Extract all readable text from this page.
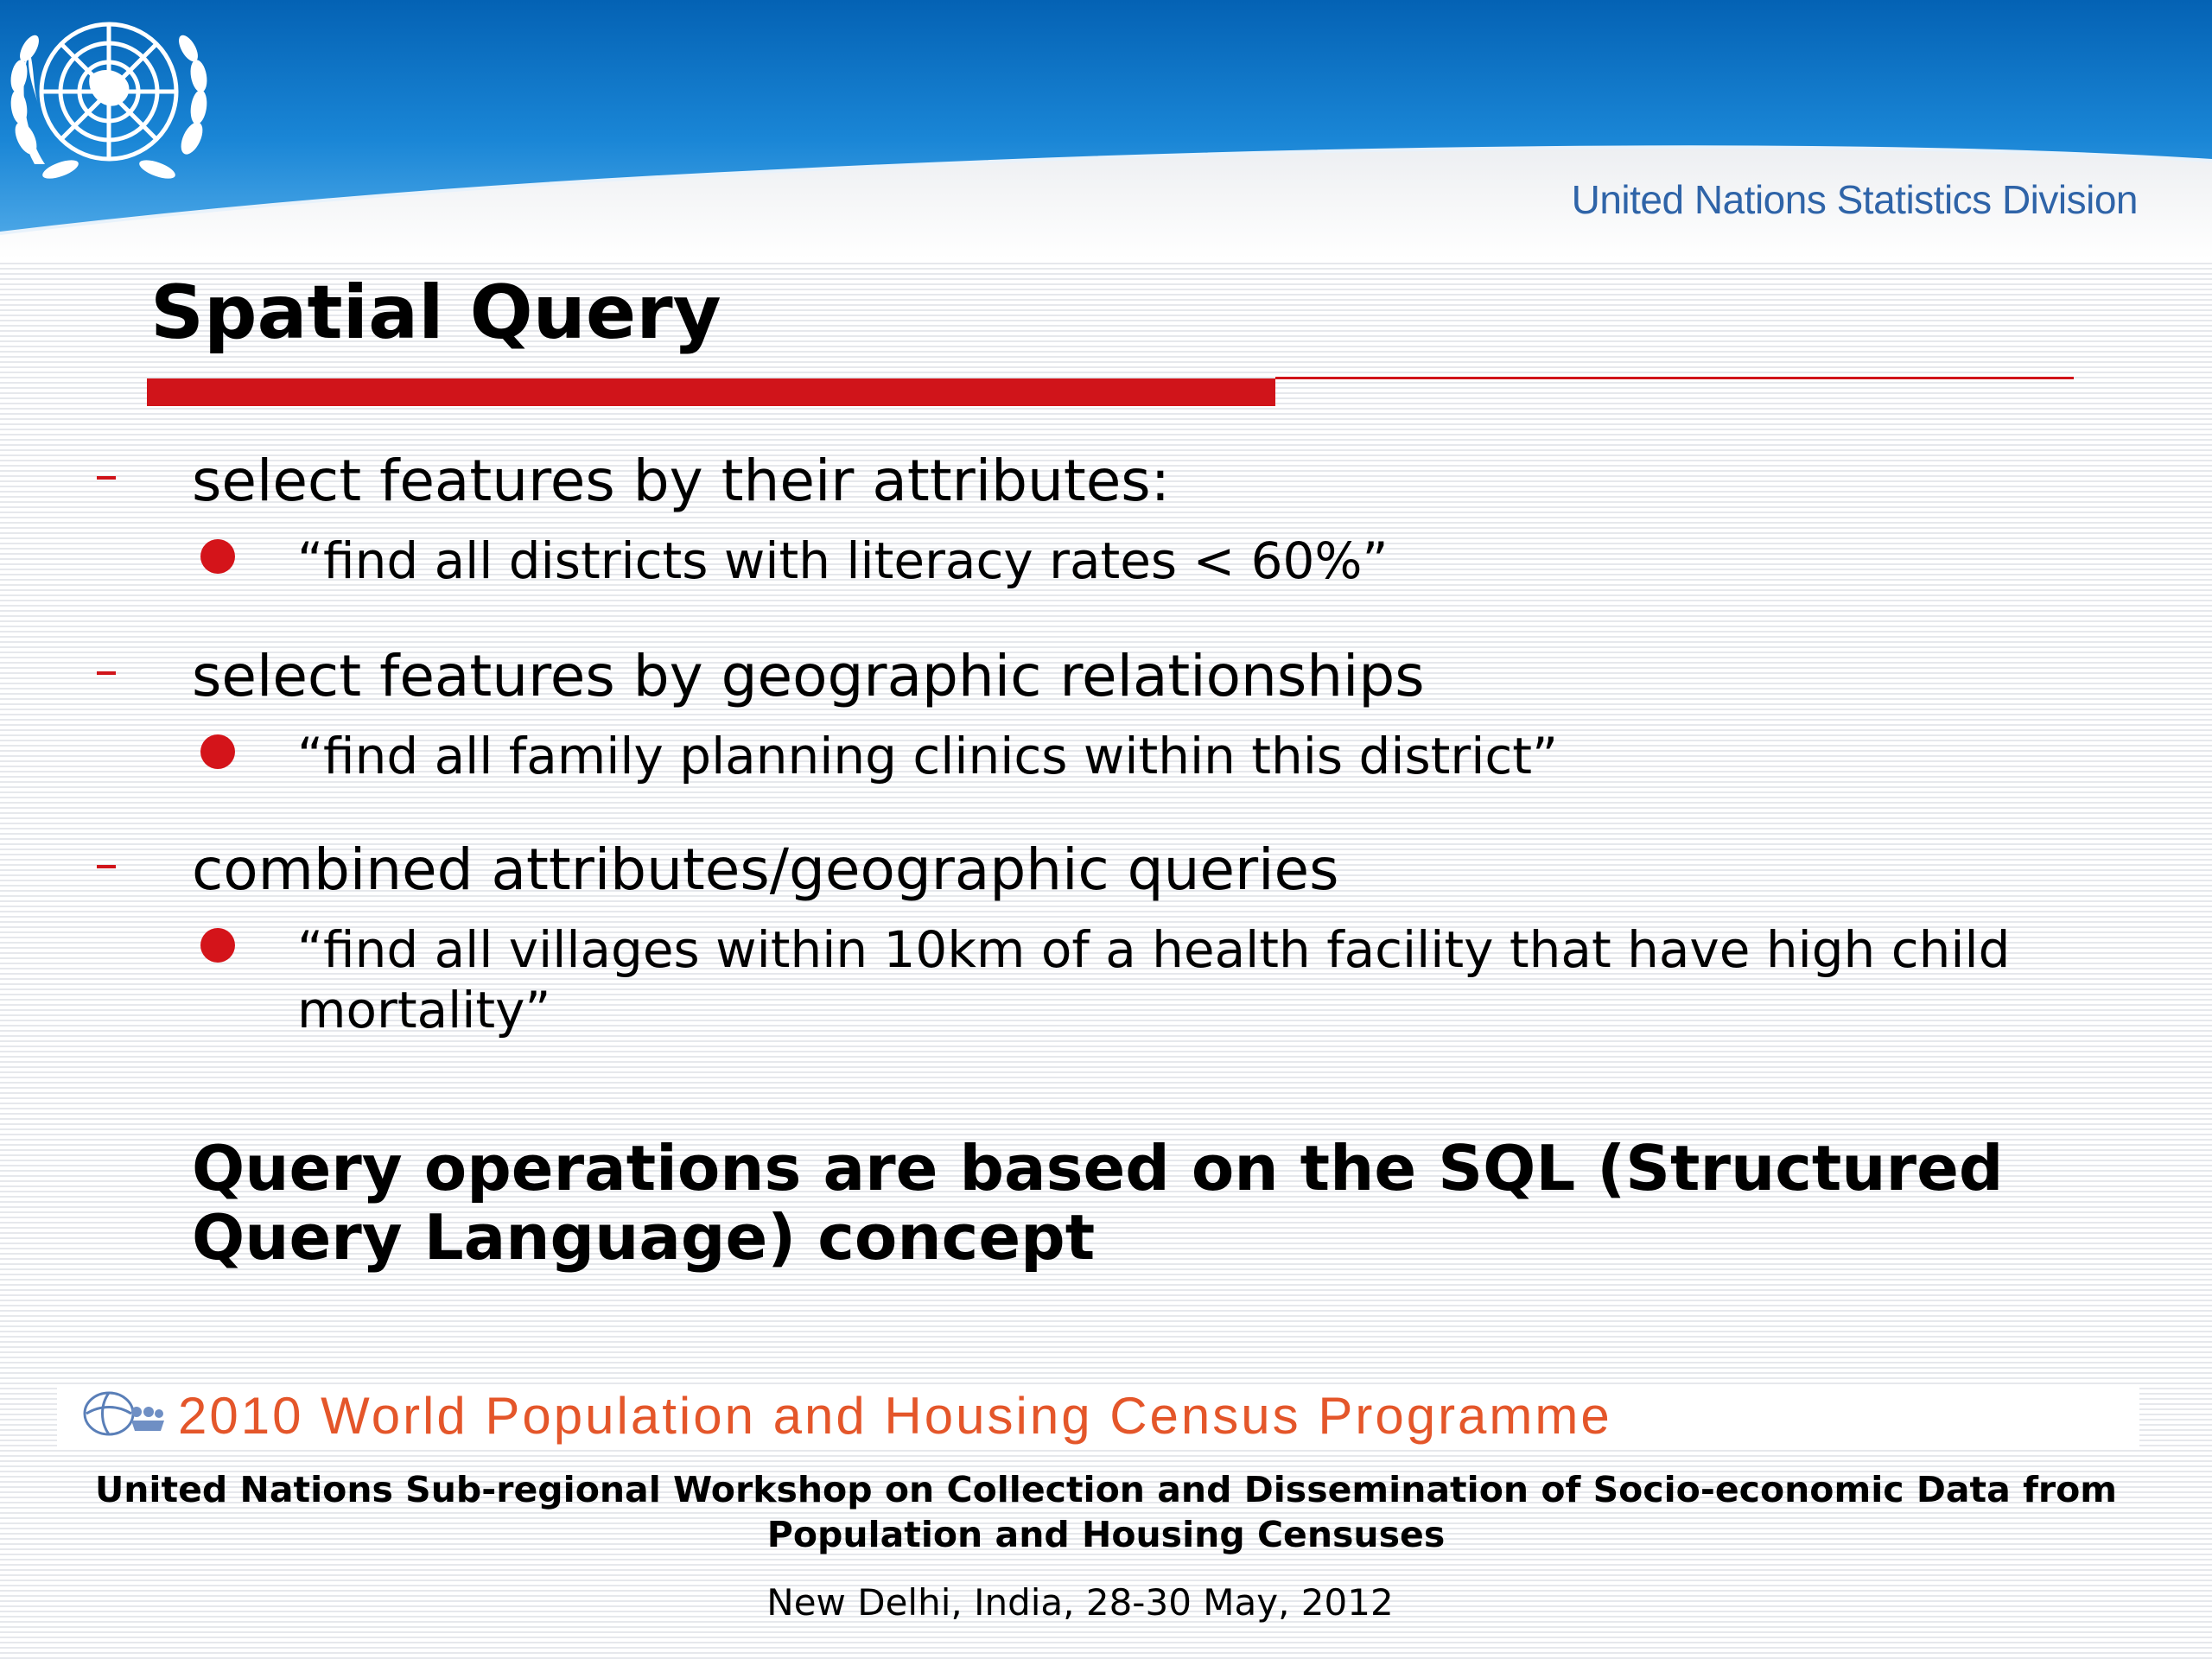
United Nations Statistics Division
Spatial Query
select features by their attributes:
“find all districts with literacy rates < 60%”
select features by geographic relationships
“find all family planning clinics within this district”
combined attributes/geographic queries
“find all villages within 10km of a health facility that have high child mortality”
Query operations are based on the SQL (Structured Query Language) concept
2010 World Population and Housing Census Programme
United Nations Sub-regional Workshop on Collection and Dissemination of Socio-economic Data from Population and Housing Censuses
New Delhi, India, 28-30 May, 2012
